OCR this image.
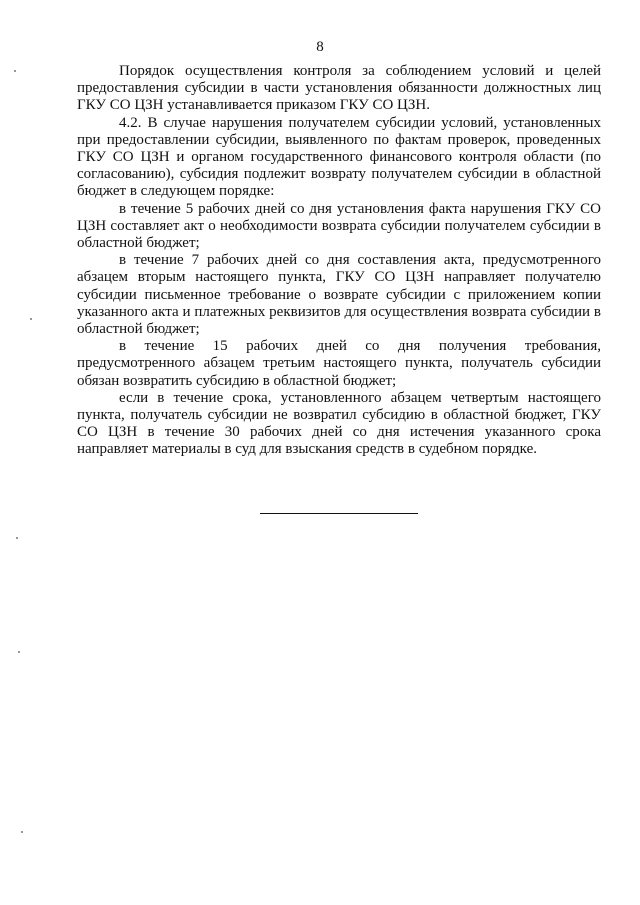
8

Порядок осуществления контроля за соблюдением условий и целей предоставления субсидии в части установления обязанности должностных лиц ГКУ СО ЦЗН устанавливается приказом ГКУ СО ЦЗН.

4.2. В случае нарушения получателем субсидии условий, установленных при предоставлении субсидии, выявленного по фактам проверок, проведенных ГКУ СО ЦЗН и органом государственного финансового контроля области (по согласованию), субсидия подлежит возврату получателем субсидии в областной бюджет в следующем порядке:

в течение 5 рабочих дней со дня установления факта нарушения ГКУ СО ЦЗН составляет акт о необходимости возврата субсидии получателем субсидии в областной бюджет;

в течение 7 рабочих дней со дня составления акта, предусмотренного абзацем вторым настоящего пункта, ГКУ СО ЦЗН направляет получателю субсидии письменное требование о возврате субсидии с приложением копии указанного акта и платежных реквизитов для осуществления возврата субсидии в областной бюджет;

в течение 15 рабочих дней со дня получения требования, предусмотренного абзацем третьим настоящего пункта, получатель субсидии обязан возвратить субсидию в областной бюджет;

если в течение срока, установленного абзацем четвертым настоящего пункта, получатель субсидии не возвратил субсидию в областной бюджет, ГКУ СО ЦЗН в течение 30 рабочих дней со дня истечения указанного срока направляет материалы в суд для взыскания средств в судебном порядке.
